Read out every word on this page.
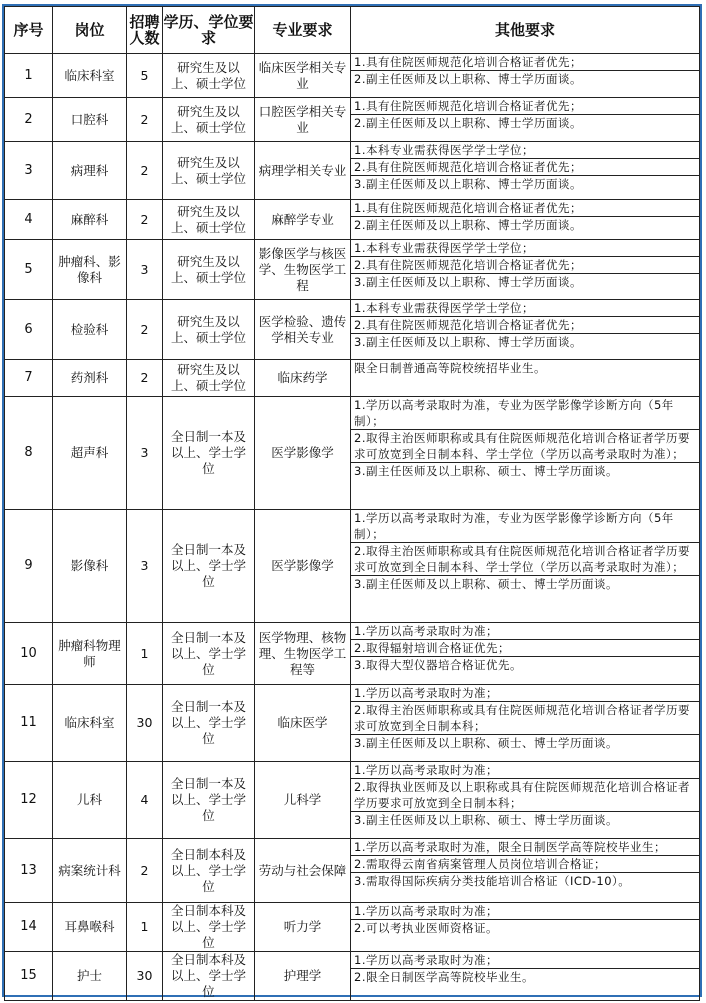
序号	岗位	招聘人数	学历、学位要求	专业要求	其他要求
1	临床科室	5	研究生及以上、硕士学位	临床医学相关专业	1.具有住院医师规范化培训合格证者优先；
2.副主任医师及以上职称、博士学历面谈。

2	口腔科	2	研究生及以上、硕士学位	口腔医学相关专业	1.具有住院医师规范化培训合格证者优先；
2.副主任医师及以上职称、博士学历面谈。

3	病理科	2	研究生及以上、硕士学位	病理学相关专业	1.本科专业需获得医学学士学位；
2.具有住院医师规范化培训合格证者优先；
3.副主任医师及以上职称、博士学历面谈。

4	麻醉科	2	研究生及以上、硕士学位	麻醉学专业	1.具有住院医师规范化培训合格证者优先；
2.副主任医师及以上职称、博士学历面谈。

5	肿瘤科、影像科	3	研究生及以上、硕士学位	影像医学与核医学、生物医学工程	1.本科专业需获得医学学士学位；
2.具有住院医师规范化培训合格证者优先；
3.副主任医师及以上职称、博士学历面谈。

6	检验科	2	研究生及以上、硕士学位	医学检验、遗传学相关专业	1.本科专业需获得医学学士学位；
2.具有住院医师规范化培训合格证者优先；
3.副主任医师及以上职称、博士学历面谈。

7	药剂科	2	研究生及以上、硕士学位	临床药学	限全日制普通高等院校统招毕业生。

8	超声科	3	全日制一本及以上、学士学位	医学影像学	1.学历以高考录取时为准，专业为医学影像学诊断方向（5年制）；
2.取得主治医师职称或具有住院医师规范化培训合格证者学历要求可放宽到全日制本科、学士学位（学历以高考录取时为准）；
3.副主任医师及以上职称、硕士、博士学历面谈。

9	影像科	3	全日制一本及以上、学士学位	医学影像学	1.学历以高考录取时为准，专业为医学影像学诊断方向（5年制）；
2.取得主治医师职称或具有住院医师规范化培训合格证者学历要求可放宽到全日制本科、学士学位（学历以高考录取时为准）；
3.副主任医师及以上职称、硕士、博士学历面谈。

10	肿瘤科物理师	1	全日制一本及以上、学士学位	医学物理、核物理、生物医学工程等	1.学历以高考录取时为准；
2.取得辐射培训合格证优先；
3.取得大型仪器培合格证优先。

11	临床科室	30	全日制一本及以上、学士学位	临床医学	1.学历以高考录取时为准；
2.取得主治医师职称或具有住院医师规范化培训合格证者学历要求可放宽到全日制本科；
3.副主任医师及以上职称、硕士、博士学历面谈。

12	儿科	4	全日制一本及以上、学士学位	儿科学	1.学历以高考录取时为准；
2.取得执业医师及以上职称或具有住院医师规范化培训合格证者学历要求可放宽到全日制本科；
3.副主任医师及以上职称、硕士、博士学历面谈。

13	病案统计科	2	全日制本科及以上、学士学位	劳动与社会保障	1.学历以高考录取时为准，限全日制医学高等院校毕业生；
2.需取得云南省病案管理人员岗位培训合格证；
3.需取得国际疾病分类技能培训合格证（ICD-10）。

14	耳鼻喉科	1	全日制本科及以上、学士学位	听力学	1.学历以高考录取时为准；
2.可以考执业医师资格证。

15	护士	30	全日制本科及以上、学士学位	护理学	1.学历以高考录取时为准；
2.限全日制医学高等院校毕业生。
